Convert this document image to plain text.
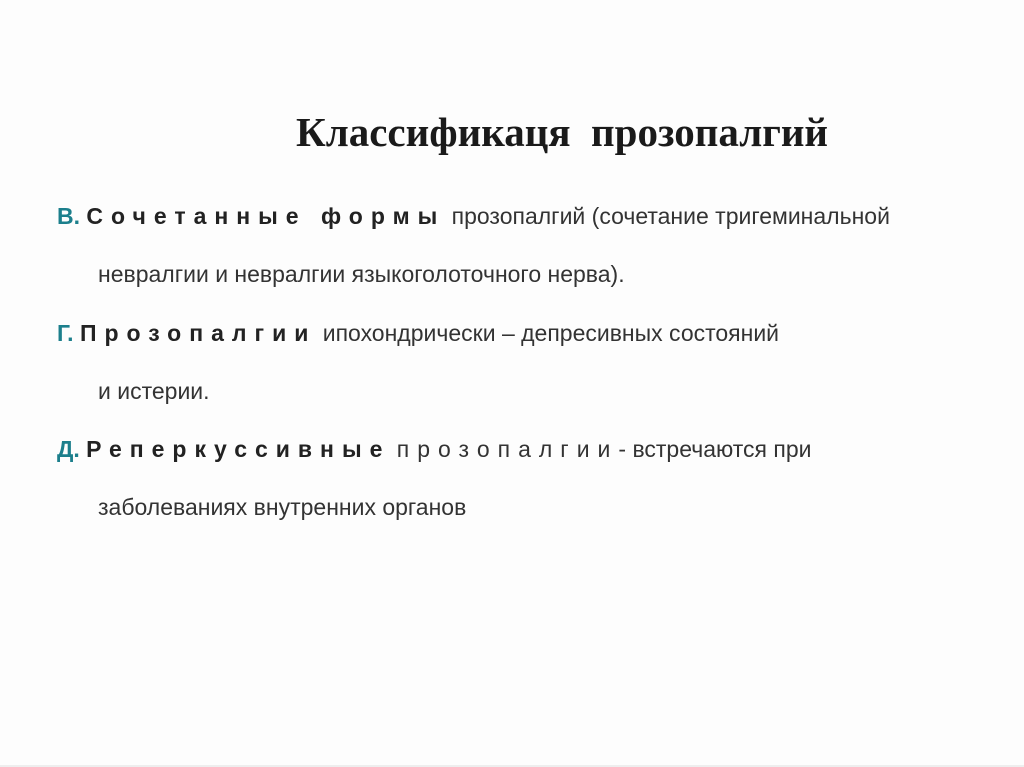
Классификаця  прозопалгий
В. Сочетанные формы прозопалгий (сочетание тригеминальной
невралгии и невралгии языкоголоточного нерва).
Г. Прозопалгии ипохондрически – депресивных состояний
и истерии.
Д. Реперкуссивные прозопалгии- встречаются при
заболеваниях внутренних органов
